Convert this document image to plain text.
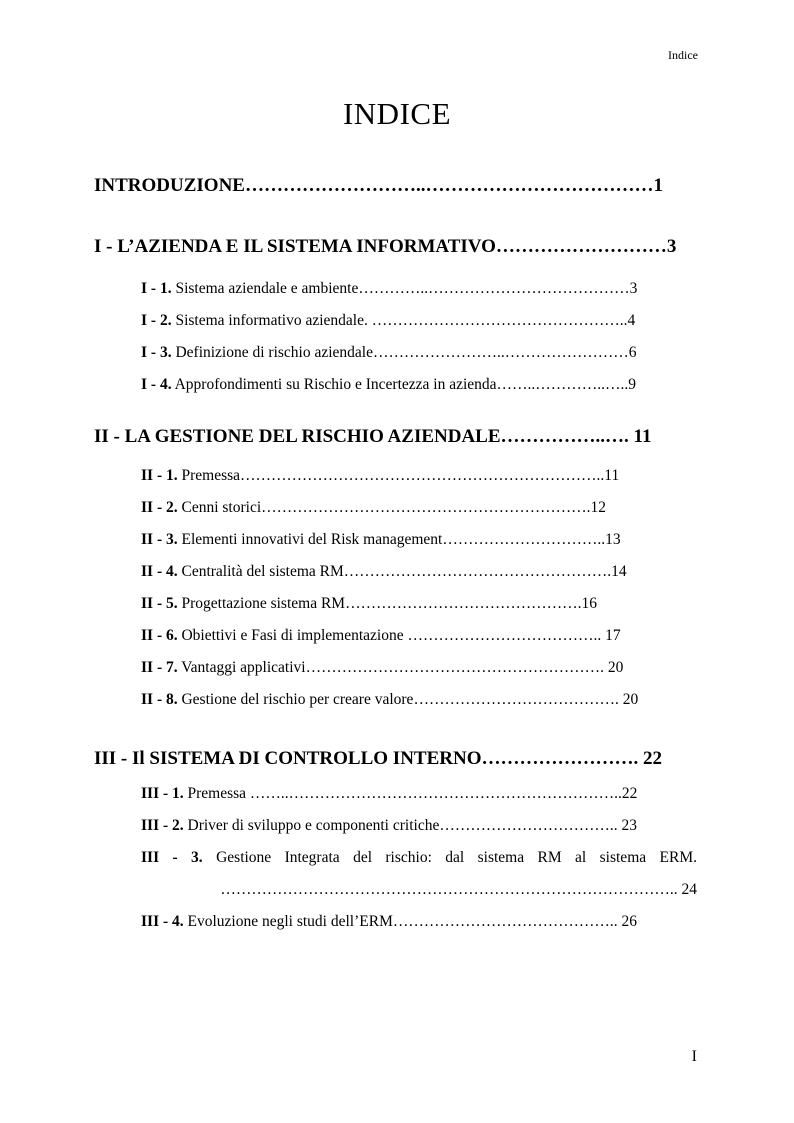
Indice
INDICE
INTRODUZIONE………………………..………………………………1
I - L’AZIENDA E IL SISTEMA INFORMATIVO………………………3
I - 1. Sistema aziendale e ambiente…………..…………………………………3
I - 2. Sistema informativo aziendale. …………………………………………..4
I - 3. Definizione di rischio aziendale……………………..……………………6
I - 4. Approfondimenti su Rischio e Incertezza in azienda……..…………..…..9
II - LA GESTIONE DEL RISCHIO AZIENDALE……………..…. 11
II - 1. Premessa……………………………………………………………..11
II - 2. Cenni storici……………………………………………………….12
II - 3. Elementi innovativi del Risk management…………………………..13
II - 4. Centralità del sistema RM…………………………………………….14
II - 5. Progettazione sistema RM……………………………………….16
II - 6. Obiettivi e Fasi di implementazione ……………………………….. 17
II - 7. Vantaggi applicativi…………………………………………………. 20
II - 8. Gestione del rischio per creare valore…………………………………. 20
III - Il SISTEMA DI CONTROLLO INTERNO……………………. 22
III - 1. Premessa ……..………………………………………………………..22
III - 2. Driver di sviluppo e componenti critiche…………………………….. 23
III - 3. Gestione Integrata del rischio: dal sistema RM al sistema ERM.
…………………………………………………………………………….. 24
III - 4. Evoluzione negli studi dell’ERM…………………………………….. 26
I
